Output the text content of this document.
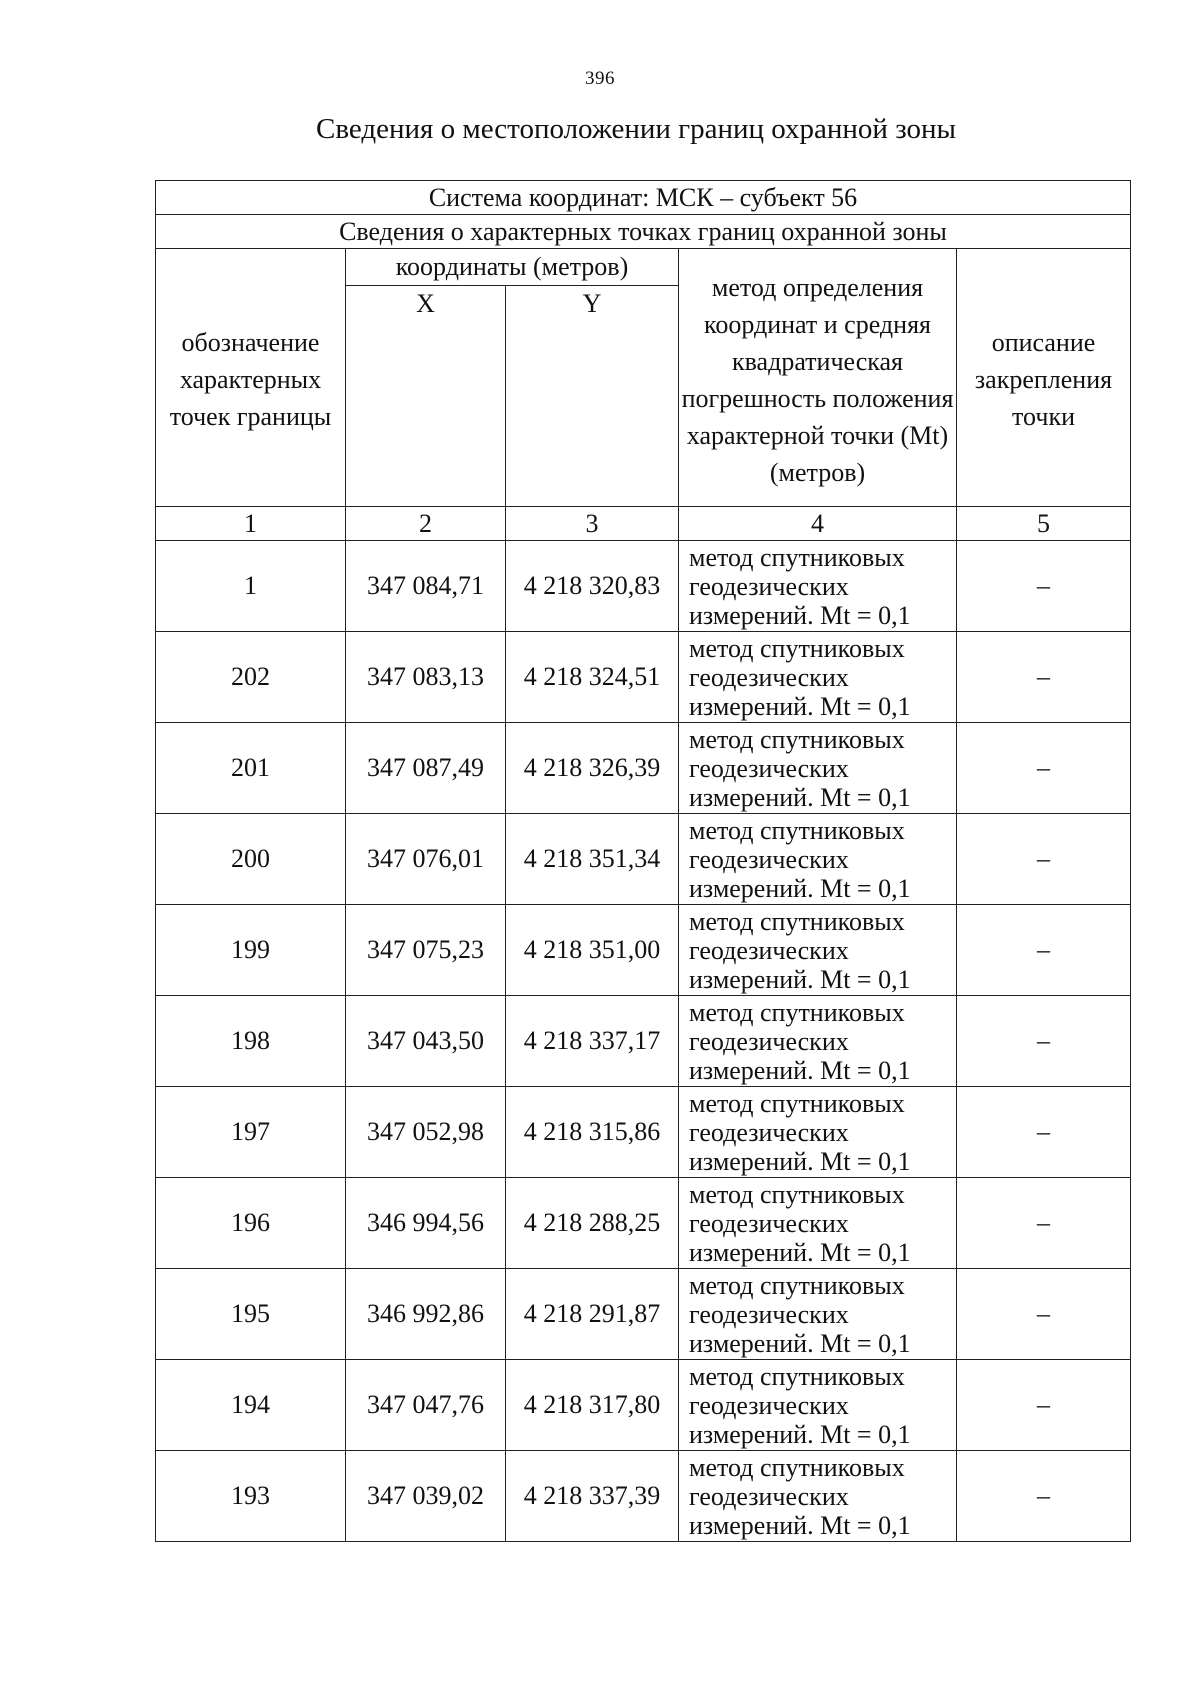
396
Сведения о местоположении границ охранной зоны
Система координат: МСК – субъект 56				
Сведения о характерных точках границ охранной зоны				
обозначение характерных точек границы	координаты (метров)		метод определения координат и средняя квадратическая погрешность положения характерной точки (Mt) (метров)	описание закрепления точки
	X	Y		
1	2	3	4	5
1	347 084,71	4 218 320,83	метод спутниковых
геодезических
измерений. Mt = 0,1	–
202	347 083,13	4 218 324,51	метод спутниковых
геодезических
измерений. Mt = 0,1	–
201	347 087,49	4 218 326,39	метод спутниковых
геодезических
измерений. Mt = 0,1	–
200	347 076,01	4 218 351,34	метод спутниковых
геодезических
измерений. Mt = 0,1	–
199	347 075,23	4 218 351,00	метод спутниковых
геодезических
измерений. Mt = 0,1	–
198	347 043,50	4 218 337,17	метод спутниковых
геодезических
измерений. Mt = 0,1	–
197	347 052,98	4 218 315,86	метод спутниковых
геодезических
измерений. Mt = 0,1	–
196	346 994,56	4 218 288,25	метод спутниковых
геодезических
измерений. Mt = 0,1	–
195	346 992,86	4 218 291,87	метод спутниковых
геодезических
измерений. Mt = 0,1	–
194	347 047,76	4 218 317,80	метод спутниковых
геодезических
измерений. Mt = 0,1	–
193	347 039,02	4 218 337,39	метод спутниковых
геодезических
измерений. Mt = 0,1	–
